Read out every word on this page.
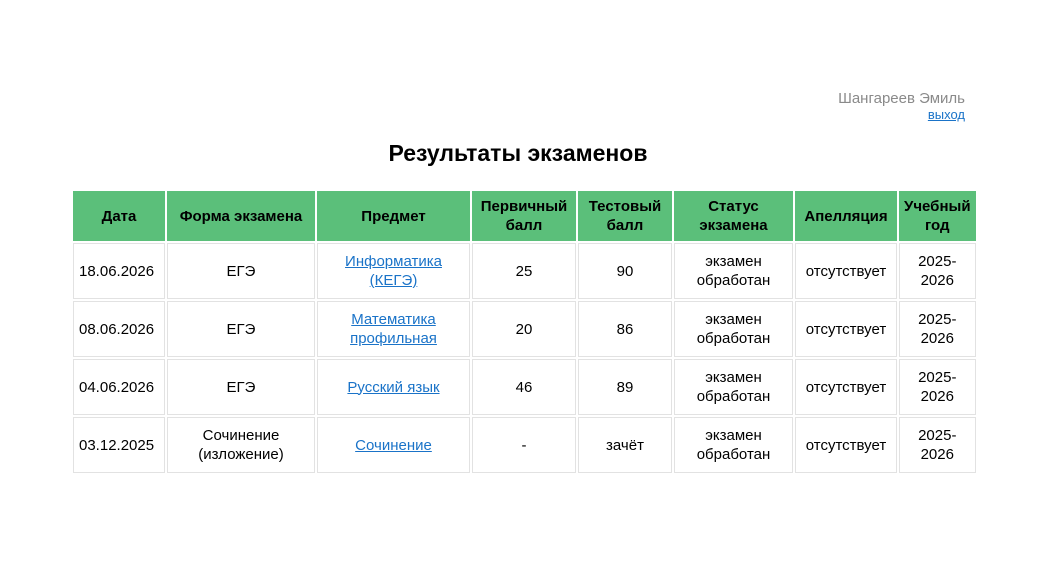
Шангареев Эмиль
выход
Результаты экзаменов
Дата	Форма экзамена	Предмет	Первичный балл	Тестовый балл	Статус экзамена	Апелляция	Учебный год
18.06.2026	ЕГЭ	Информатика (КЕГЭ)	25	90	экзамен обработан	отсутствует	2025-2026
08.06.2026	ЕГЭ	Математика профильная	20	86	экзамен обработан	отсутствует	2025-2026
04.06.2026	ЕГЭ	Русский язык	46	89	экзамен обработан	отсутствует	2025-2026
03.12.2025	Сочинение (изложение)	Сочинение	-	зачёт	экзамен обработан	отсутствует	2025-2026
